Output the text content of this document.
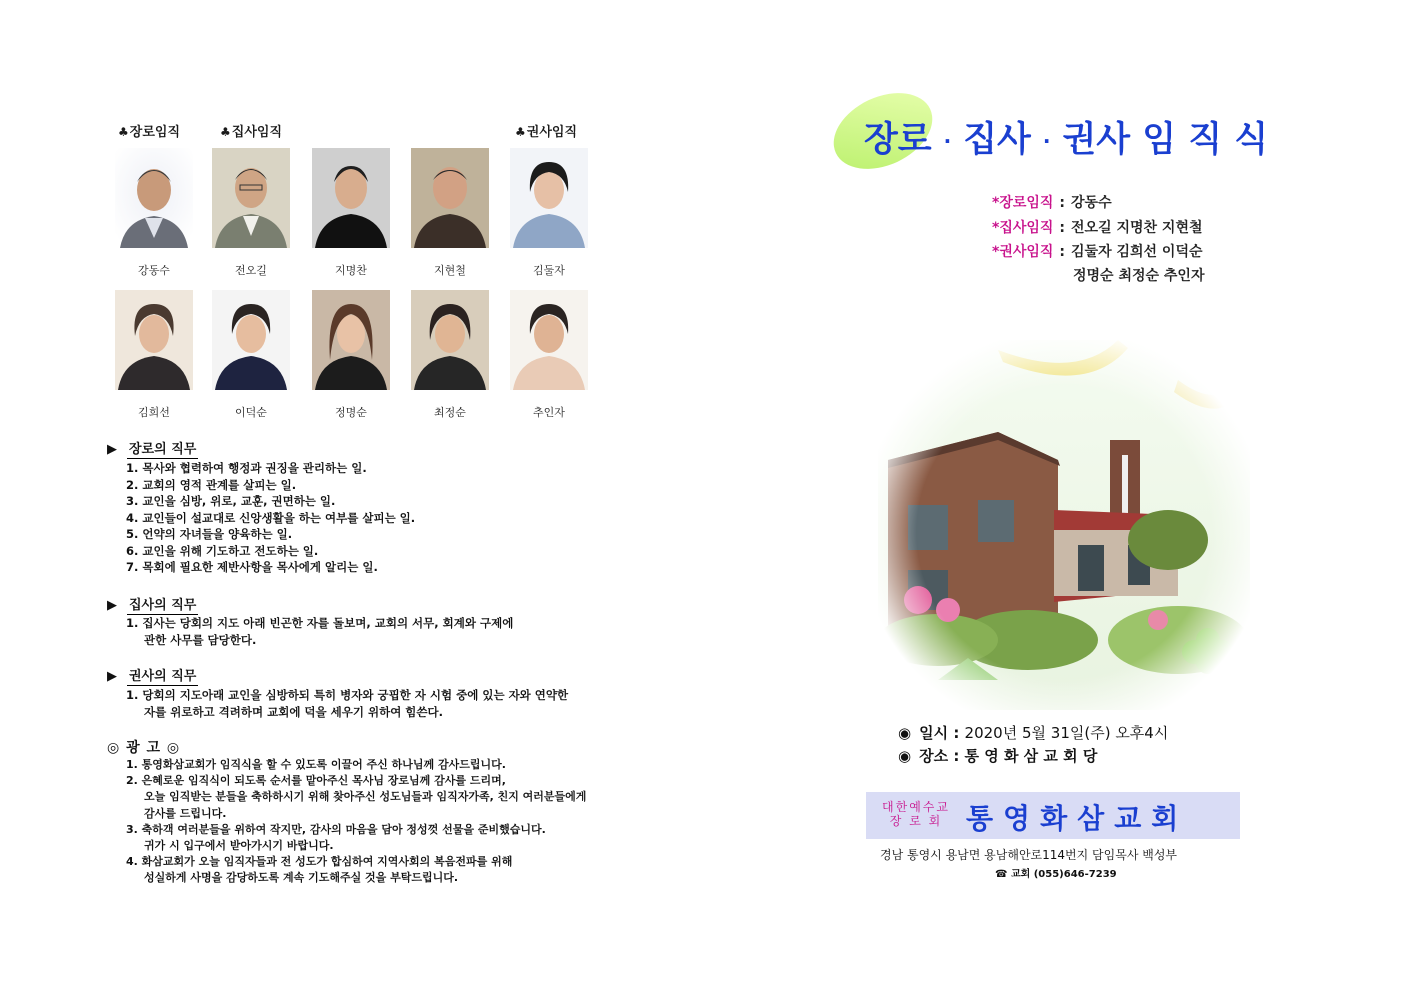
♣장로임직	♣집사임직	♣권사임직
강동수	전오길	지명찬	지현철	김둘자
김희선	이덕순	정명순	최정순	추인자
▶ 장로의 직무
1. 목사와 협력하여 행정과 권징을 관리하는 일.
2. 교회의 영적 관계를 살피는 일.
3. 교인을 심방, 위로, 교훈, 권면하는 일.
4. 교인들이 설교대로 신앙생활을 하는 여부를 살피는 일.
5. 언약의 자녀들을 양육하는 일.
6. 교인을 위해 기도하고 전도하는 일.
7. 목회에 필요한 제반사항을 목사에게 알리는 일.
▶ 집사의 직무
1. 집사는 당회의 지도 아래 빈곤한 자를 돌보며, 교회의 서무, 회계와 구제에
관한 사무를 담당한다.
▶ 권사의 직무
1. 당회의 지도아래 교인을 심방하되 특히 병자와 궁핍한 자 시험 중에 있는 자와 연약한
자를 위로하고 격려하며 교회에 덕을 세우기 위하여 힘쓴다.
◎ 광 고 ◎
1. 통영화삼교회가 임직식을 할 수 있도록 이끌어 주신 하나님께 감사드립니다.
2. 은혜로운 임직식이 되도록 순서를 맡아주신 목사님 장로님께 감사를 드리며,
오늘 임직받는 분들을 축하하시기 위해 찾아주신 성도님들과 임직자가족, 친지 여러분들에게
감사를 드립니다.
3. 축하객 여러분들을 위하여 작지만, 감사의 마음을 담아 정성껏 선물을 준비했습니다.
귀가 시 입구에서 받아가시기 바랍니다.
4. 화삼교회가 오늘 임직자들과 전 성도가 합심하여 지역사회의 복음전파를 위해
성실하게 사명을 감당하도록 계속 기도해주실 것을 부탁드립니다.
장로 · 집사 · 권사 임 직 식
*장로임직 : 강동수
*집사임직 : 전오길 지명찬 지현철
*권사임직 : 김둘자 김희선 이덕순
정명순 최정순 추인자
◉ 일시 : 2020년 5월 31일(주) 오후4시
◉ 장소 : 통 영 화 삼 교 회 당
대한예수교
장 로 회 통영화삼교회
경남 통영시 용남면 용남해안로114번지 담임목사 백성부
☎ 교회 (055)646-7239
